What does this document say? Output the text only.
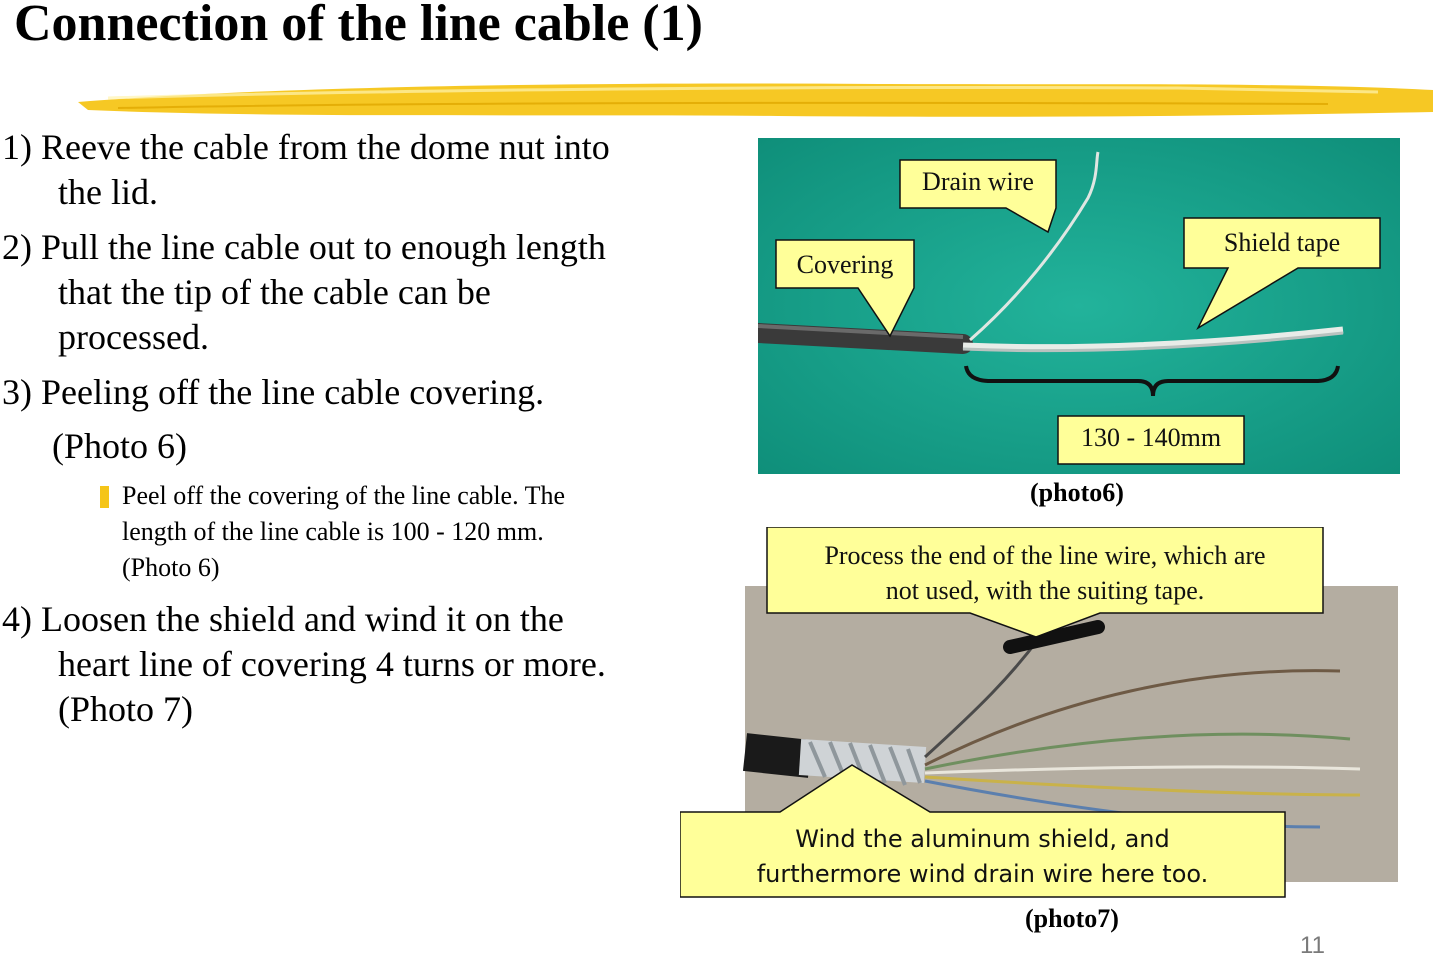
Connection of the line cable (1)
1) Reeve the cable from the dome nut into
the lid.
2) Pull the line cable out to enough length
that the tip of the cable can be
processed.
3) Peeling off the line cable covering.
(Photo 6)
Peel off the covering of the line cable. The
length of the line cable is 100 - 120 mm.
(Photo 6)
4) Loosen the shield and wind it on the
heart line of covering 4 turns or more.
(Photo 7)
Drain wire
Covering
Shield tape
130 - 140mm
(photo6)
Process the end of the line wire, which are
not used, with the suiting tape.
Wind the aluminum shield, and
furthermore wind drain wire here too.
(photo7)
11
